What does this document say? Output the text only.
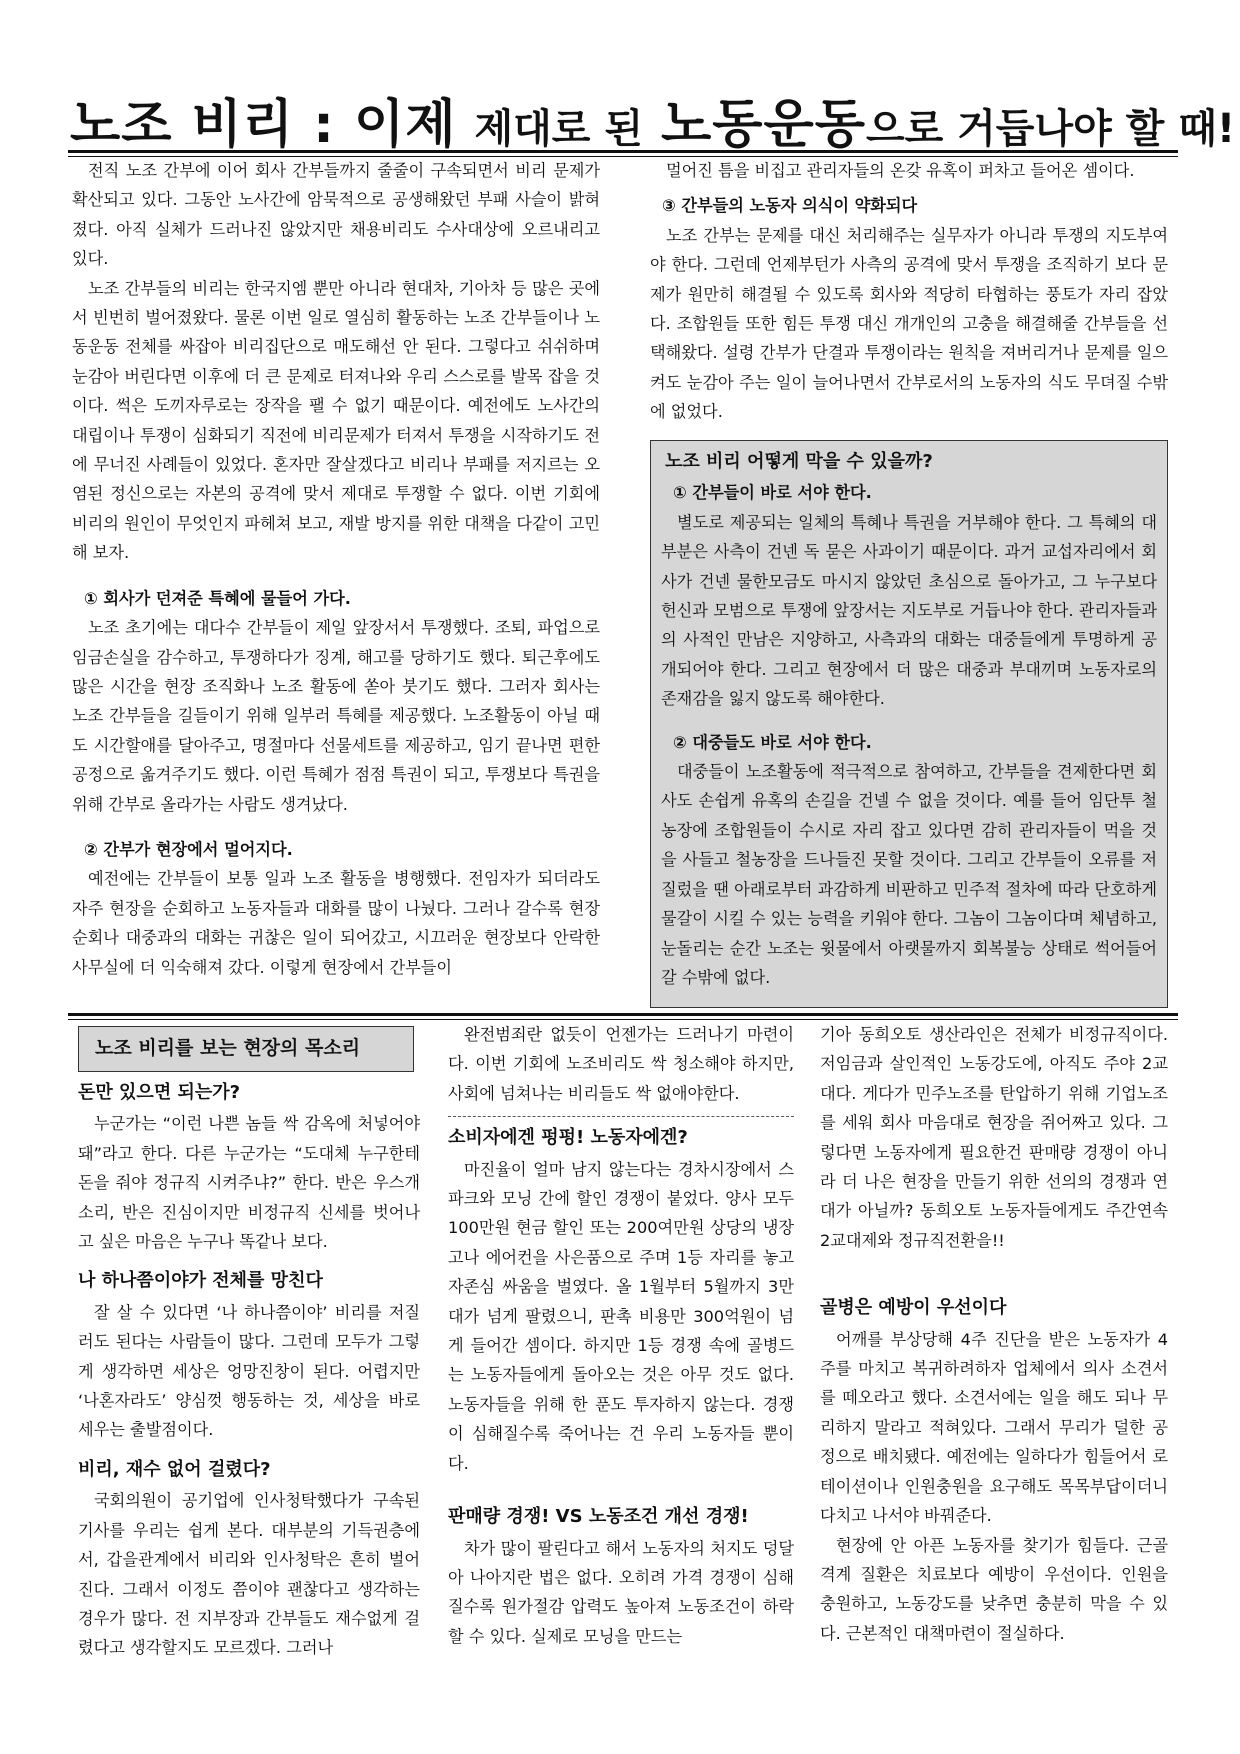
노조 비리 : 이제 제대로 된 노동운동 으로 거듭나야 할 때!

전직 노조 간부에 이어 회사 간부들까지 줄줄이 구속되면서 비리 문제가 확산되고 있다. 그동안 노사간에 암묵적으로 공생해왔던 부패 사슬이 밝혀졌다. 아직 실체가 드러나진 않았지만 채용비리도 수사대상에 오르내리고 있다.

노조 간부들의 비리는 한국지엠 뿐만 아니라 현대차, 기아차 등 많은 곳에서 빈번히 벌어졌왔다. 물론 이번 일로 열심히 활동하는 노조 간부들이나 노동운동 전체를 싸잡아 비리집단으로 매도해선 안 된다. 그렇다고 쉬쉬하며 눈감아 버린다면 이후에 더 큰 문제로 터져나와 우리 스스로를 발목 잡을 것이다. 썩은 도끼자루로는 장작을 팰 수 없기 때문이다. 예전에도 노사간의 대립이나 투쟁이 심화되기 직전에 비리문제가 터져서 투쟁을 시작하기도 전에 무너진 사례들이 있었다. 혼자만 잘살겠다고 비리나 부패를 저지르는 오염된 정신으로는 자본의 공격에 맞서 제대로 투쟁할 수 없다. 이번 기회에 비리의 원인이 무엇인지 파헤쳐 보고, 재발 방지를 위한 대책을 다같이 고민해 보자.

① 회사가 던져준 특혜에 물들어 가다.

노조 초기에는 대다수 간부들이 제일 앞장서서 투쟁했다. 조퇴, 파업으로 임금손실을 감수하고, 투쟁하다가 징계, 해고를 당하기도 했다. 퇴근후에도 많은 시간을 현장 조직화나 노조 활동에 쏟아 붓기도 했다. 그러자 회사는 노조 간부들을 길들이기 위해 일부러 특혜를 제공했다. 노조활동이 아닐 때도 시간할애를 달아주고, 명절마다 선물세트를 제공하고, 임기 끝나면 편한 공정으로 옮겨주기도 했다. 이런 특혜가 점점 특권이 되고, 투쟁보다 특권을 위해 간부로 올라가는 사람도 생겨났다.

② 간부가 현장에서 멀어지다.

예전에는 간부들이 보통 일과 노조 활동을 병행했다. 전임자가 되더라도 자주 현장을 순회하고 노동자들과 대화를 많이 나눴다. 그러나 갈수록 현장순회나 대중과의 대화는 귀찮은 일이 되어갔고, 시끄러운 현장보다 안락한 사무실에 더 익숙해져 갔다. 이렇게 현장에서 간부들이

멀어진 틈을 비집고 관리자들의 온갖 유혹이 퍼차고 들어온 셈이다.

③ 간부들의 노동자 의식이 약화되다

노조 간부는 문제를 대신 처리해주는 실무자가 아니라 투쟁의 지도부여야 한다. 그런데 언제부턴가 사측의 공격에 맞서 투쟁을 조직하기 보다 문제가 원만히 해결될 수 있도록 회사와 적당히 타협하는 풍토가 자리 잡았다. 조합원들 또한 힘든 투쟁 대신 개개인의 고충을 해결해줄 간부들을 선택해왔다. 설령 간부가 단결과 투쟁이라는 원칙을 져버리거나 문제를 일으켜도 눈감아 주는 일이 늘어나면서 간부로서의 노동자의 식도 무뎌질 수밖에 없었다.

노조 비리 어떻게 막을 수 있을까?
① 간부들이 바로 서야 한다.

별도로 제공되는 일체의 특혜나 특권을 거부해야 한다. 그 특혜의 대부분은 사측이 건넨 독 묻은 사과이기 때문이다. 과거 교섭자리에서 회사가 건넨 물한모금도 마시지 않았던 초심으로 돌아가고, 그 누구보다 헌신과 모범으로 투쟁에 앞장서는 지도부로 거듭나야 한다. 관리자들과의 사적인 만남은 지양하고, 사측과의 대화는 대중들에게 투명하게 공개되어야 한다. 그리고 현장에서 더 많은 대중과 부대끼며 노동자로의 존재감을 잃지 않도록 해야한다.

② 대중들도 바로 서야 한다.

대중들이 노조활동에 적극적으로 참여하고, 간부들을 견제한다면 회사도 손쉽게 유혹의 손길을 건넬 수 없을 것이다. 예를 들어 임단투 철농장에 조합원들이 수시로 자리 잡고 있다면 감히 관리자들이 먹을 것을 사들고 철농장을 드나들진 못할 것이다. 그리고 간부들이 오류를 저질렀을 땐 아래로부터 과감하게 비판하고 민주적 절차에 따라 단호하게 물갈이 시킬 수 있는 능력을 키워야 한다. 그놈이 그놈이다며 체념하고, 눈돌리는 순간 노조는 윗물에서 아랫물까지 회복불능 상태로 썩어들어갈 수밖에 없다.

노조 비리를 보는 현장의 목소리
돈만 있으면 되는가?

누군가는 “이런 나쁜 놈들 싹 감옥에 처넣어야 돼”라고 한다. 다른 누군가는 “도대체 누구한테 돈을 줘야 정규직 시켜주냐?” 한다. 반은 우스개 소리, 반은 진심이지만 비정규직 신세를 벗어나고 싶은 마음은 누구나 똑같나 보다.

나 하나쯤이야가 전체를 망친다

잘 살 수 있다면 ‘나 하나쯤이야’ 비리를 저질러도 된다는 사람들이 많다. 그런데 모두가 그렇게 생각하면 세상은 엉망진창이 된다. 어렵지만 ‘나혼자라도’ 양심껏 행동하는 것, 세상을 바로 세우는 출발점이다.

비리, 재수 없어 걸렸다?

국회의원이 공기업에 인사청탁했다가 구속된 기사를 우리는 쉽게 본다. 대부분의 기득권층에서, 갑을관계에서 비리와 인사청탁은 흔히 벌어진다. 그래서 이정도 쯤이야 괜찮다고 생각하는 경우가 많다. 전 지부장과 간부들도 재수없게 걸렸다고 생각할지도 모르겠다. 그러나

완전범죄란 없듯이 언젠가는 드러나기 마련이다. 이번 기회에 노조비리도 싹 청소해야 하지만, 사회에 넘쳐나는 비리들도 싹 없애야한다.

소비자에겐 펑펑! 노동자에겐?

마진율이 얼마 남지 않는다는 경차시장에서 스파크와 모닝 간에 할인 경쟁이 붙었다. 양사 모두 100만원 현금 할인 또는 200여만원 상당의 냉장고나 에어컨을 사은품으로 주며 1등 자리를 놓고 자존심 싸움을 벌였다. 올 1월부터 5월까지 3만대가 넘게 팔렸으니, 판촉 비용만 300억원이 넘게 들어간 셈이다. 하지만 1등 경쟁 속에 골병드는 노동자들에게 돌아오는 것은 아무 것도 없다. 노동자들을 위해 한 푼도 투자하지 않는다. 경쟁이 심해질수록 죽어나는 건 우리 노동자들 뿐이다.

판매량 경쟁! VS 노동조건 개선 경쟁!

차가 많이 팔린다고 해서 노동자의 처지도 덩달아 나아지란 법은 없다. 오히려 가격 경쟁이 심해질수록 원가절감 압력도 높아져 노동조건이 하락할 수 있다. 실제로 모닝을 만드는

기아 동희오토 생산라인은 전체가 비정규직이다. 저임금과 살인적인 노동강도에, 아직도 주야 2교대다. 게다가 민주노조를 탄압하기 위해 기업노조를 세워 회사 마음대로 현장을 쥐어짜고 있다. 그렇다면 노동자에게 필요한건 판매량 경쟁이 아니라 더 나은 현장을 만들기 위한 선의의 경쟁과 연대가 아닐까? 동희오토 노동자들에게도 주간연속 2교대제와 정규직전환을!!

골병은 예방이 우선이다

어깨를 부상당해 4주 진단을 받은 노동자가 4주를 마치고 복귀하려하자 업체에서 의사 소견서를 떼오라고 했다. 소견서에는 일을 해도 되나 무리하지 말라고 적혀있다. 그래서 무리가 덜한 공정으로 배치됐다. 예전에는 일하다가 힘들어서 로테이션이나 인원충원을 요구해도 목목부답이더니 다치고 나서야 바꿔준다.

현장에 안 아픈 노동자를 찾기가 힘들다. 근골격계 질환은 치료보다 예방이 우선이다. 인원을 충원하고, 노동강도를 낮추면 충분히 막을 수 있다. 근본적인 대책마련이 절실하다.
